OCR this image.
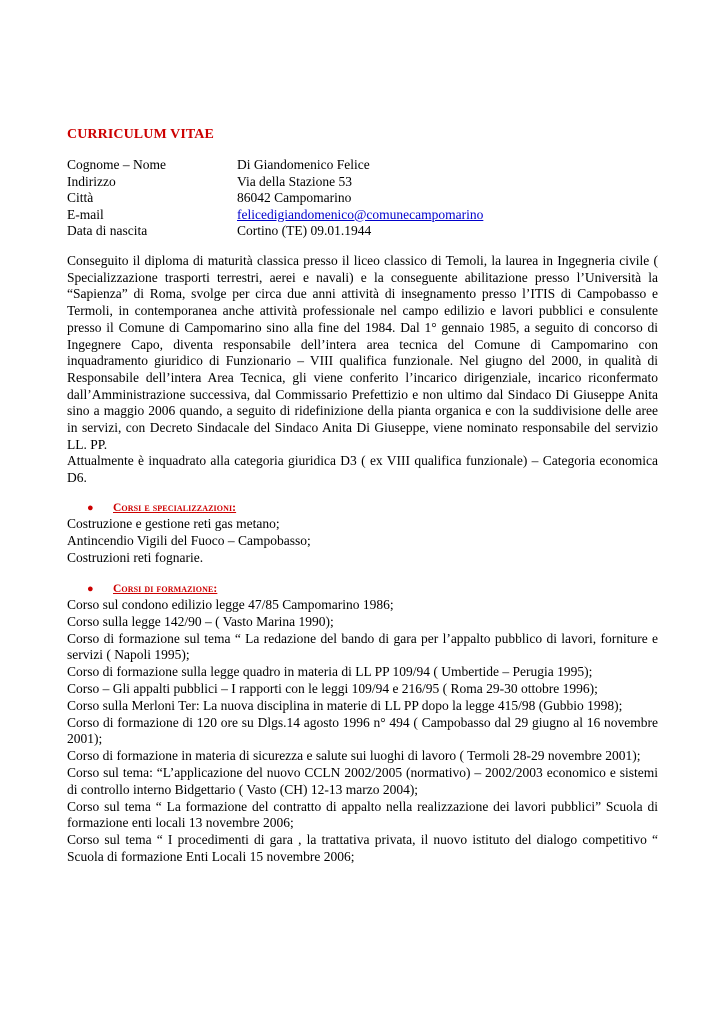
CURRICULUM VITAE
Cognome – Nome	Di Giandomenico Felice
Indirizzo	Via della Stazione 53
Città	86042 Campomarino
E-mail	felicedigiandomenico@comunecampomarino
Data di nascita	Cortino (TE) 09.01.1944

Conseguito il diploma di maturità classica presso il liceo classico di Temoli, la laurea in Ingegneria civile ( Specializzazione trasporti terrestri, aerei e navali) e la conseguente abilitazione presso l’Università la “Sapienza” di Roma, svolge per circa due anni attività di insegnamento presso l’ITIS di Campobasso e Termoli, in contemporanea anche attività professionale nel campo edilizio e lavori pubblici e consulente presso il Comune di Campomarino sino alla fine del 1984. Dal 1° gennaio 1985, a seguito di concorso di Ingegnere Capo, diventa responsabile dell’intera area tecnica del Comune di Campomarino con inquadramento giuridico di Funzionario – VIII qualifica funzionale. Nel giugno del 2000, in qualità di Responsabile dell’intera Area Tecnica, gli viene conferito l’incarico dirigenziale, incarico riconfermato dall’Amministrazione successiva, dal Commissario Prefettizio e non ultimo dal Sindaco Di Giuseppe Anita sino a maggio 2006 quando, a seguito di ridefinizione della pianta organica e con la suddivisione delle aree in servizi, con Decreto Sindacale del Sindaco Anita Di Giuseppe, viene nominato responsabile del servizio LL. PP.

Attualmente è inquadrato alla categoria giuridica D3 ( ex VIII qualifica funzionale) – Categoria economica D6.

●	Corsi e specializzazioni:
Costruzione e gestione reti gas metano;
Antincendio Vigili del Fuoco – Campobasso;
Costruzioni reti fognarie.
●	Corsi di formazione:
Corso sul condono edilizio legge 47/85 Campomarino 1986;
Corso sulla legge 142/90 – ( Vasto Marina 1990);
Corso di formazione sul tema “ La redazione del bando di gara per l’appalto pubblico di lavori, forniture e servizi ( Napoli 1995);
Corso di formazione sulla legge quadro in materia di LL PP 109/94 ( Umbertide – Perugia 1995);
Corso – Gli appalti pubblici – I rapporti con le leggi 109/94 e 216/95 ( Roma 29-30 ottobre 1996);
Corso sulla Merloni Ter: La nuova disciplina in materie di LL PP dopo la legge 415/98 (Gubbio 1998);
Corso di formazione di 120 ore su Dlgs.14 agosto 1996 n° 494 ( Campobasso dal 29 giugno al 16 novembre 2001);
Corso di formazione in materia di sicurezza e salute sui luoghi di lavoro ( Termoli 28-29 novembre 2001);
Corso sul tema: “L’applicazione del nuovo CCLN 2002/2005 (normativo) – 2002/2003 economico e sistemi di controllo interno Bidgettario ( Vasto (CH) 12-13 marzo 2004);
Corso sul tema “ La formazione del contratto di appalto nella realizzazione dei lavori pubblici” Scuola di formazione enti locali 13 novembre 2006;
Corso sul tema “ I procedimenti di gara , la trattativa privata, il nuovo istituto del dialogo competitivo “ Scuola di formazione Enti Locali 15 novembre 2006;
